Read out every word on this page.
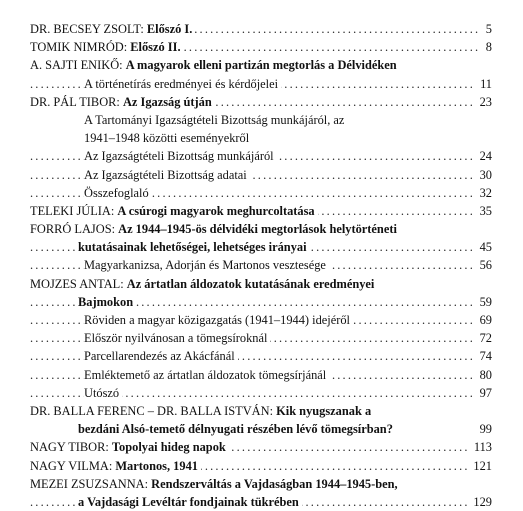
DR. BECSEY ZSOLT: Előszó I.	5
.....
TOMIK NIMRÓD: Előszó II.	8
.....
A. SAJTI ENIKŐ: A magyarok elleni partizán megtorlás a Délvidéken
A történetírás eredményei és kérdőjelei	11
.....
DR. PÁL TIBOR: Az Igazság útján	23
.....
A Tartományi Igazságtételi Bizottság munkájáról, az
1941–1948 közötti eseményekről
Az Igazságtételi Bizottság munkájáról	24
.....
Az Igazságtételi Bizottság adatai	30
.....
Összefoglaló	32
.....
TELEKI JÚLIA: A csúrogi magyarok meghurcoltatása	35
.....
FORRÓ LAJOS: Az 1944–1945-ös délvidéki megtorlások helytörténeti
kutatásainak lehetőségei, lehetséges irányai	45
.....
Magyarkanizsa, Adorján és Martonos vesztesége	56
.....
MOJZES ANTAL: Az ártatlan áldozatok kutatásának eredményei
Bajmokon	59
.....
Röviden a magyar közigazgatás (1941–1944) idejéről	69
.....
Először nyilvánosan a tömegsíroknál	72
.....
Parcellarendezés az Akácfánál	74
.....
Emléktemető az ártatlan áldozatok tömegsírjánál	80
.....
Utószó	97
.....
DR. BALLA FERENC – DR. BALLA ISTVÁN: Kik nyugszanak a
bezdáni Alsó-temető délnyugati részében lévő tömegsírban?	99
NAGY TIBOR: Topolyai hideg napok	113
.....
NAGY VILMA: Martonos, 1941	121
.....
MEZEI ZSUZSANNA: Rendszerváltás a Vajdaságban 1944–1945-ben,
a Vajdasági Levéltár fondjainak tükrében	129
.....
